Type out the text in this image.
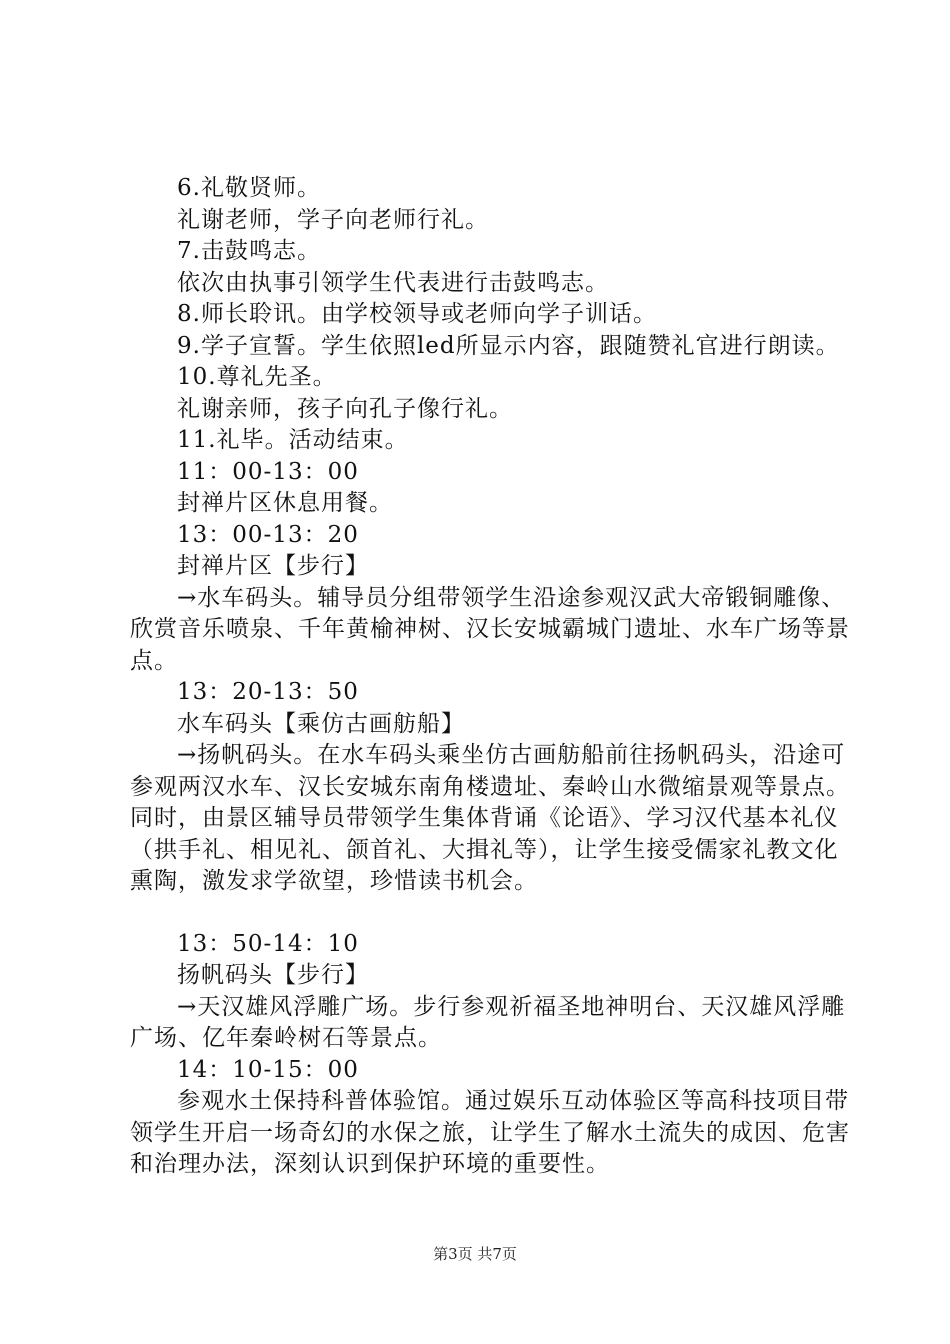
6.礼敬贤师。

礼谢老师，学子向老师行礼。

7.击鼓鸣志。

依次由执事引领学生代表进行击鼓鸣志。

8.师长聆讯。由学校领导或老师向学子训话。

9.学子宣誓。学生依照led所显示内容，跟随赞礼官进行朗读。

10.尊礼先圣。

礼谢亲师，孩子向孔子像行礼。

11.礼毕。活动结束。

11：00-13：00

封禅片区休息用餐。

13：00-13：20

封禅片区【步行】

→水车码头。辅导员分组带领学生沿途参观汉武大帝锻铜雕像、欣赏音乐喷泉、千年黄榆神树、汉长安城霸城门遗址、水车广场等景点。

13：20-13：50

水车码头【乘仿古画舫船】

→扬帆码头。在水车码头乘坐仿古画舫船前往扬帆码头，沿途可参观两汉水车、汉长安城东南角楼遗址、秦岭山水微缩景观等景点。同时，由景区辅导员带领学生集体背诵《论语》、学习汉代基本礼仪（拱手礼、相见礼、颌首礼、大揖礼等），让学生接受儒家礼教文化熏陶，激发求学欲望，珍惜读书机会。

13：50-14：10

扬帆码头【步行】

→天汉雄风浮雕广场。步行参观祈福圣地神明台、天汉雄风浮雕广场、亿年秦岭树石等景点。

14：10-15：00

参观水土保持科普体验馆。通过娱乐互动体验区等高科技项目带领学生开启一场奇幻的水保之旅，让学生了解水土流失的成因、危害和治理办法，深刻认识到保护环境的重要性。

第3页 共7页
